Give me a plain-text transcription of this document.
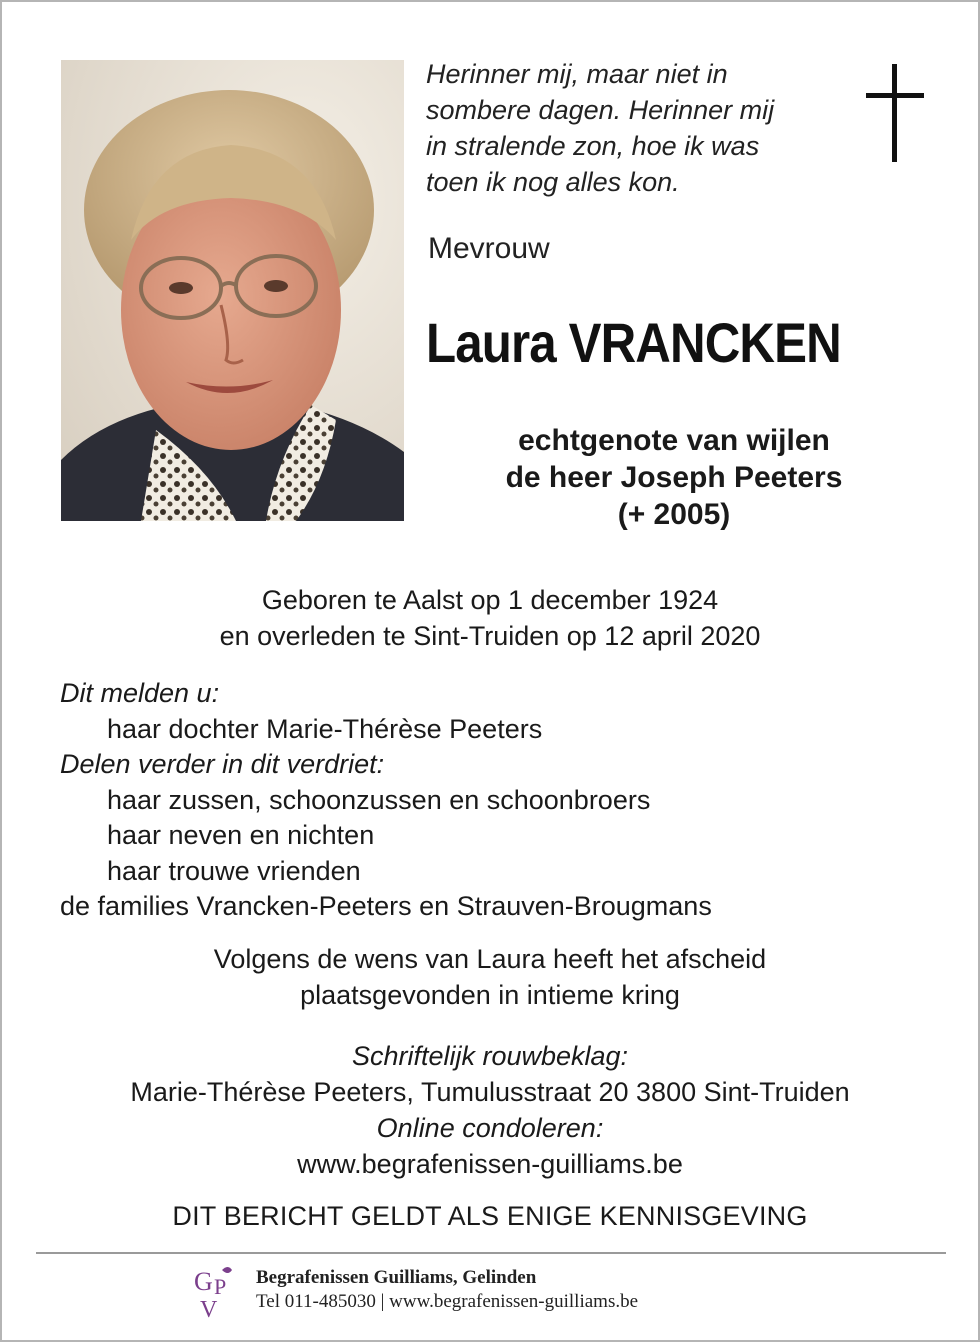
Herinner mij, maar niet in
sombere dagen. Herinner mij
in stralende zon, hoe ik was
toen ik nog alles kon.
Mevrouw
Laura VRANCKEN
echtgenote van wijlen
de heer Joseph Peeters
(+ 2005)
Geboren te Aalst op 1 december 1924
en overleden te Sint-Truiden op 12 april 2020
Dit melden u:
haar dochter Marie-Thérèse Peeters
Delen verder in dit verdriet:
haar zussen, schoonzussen en schoonbroers
haar neven en nichten
haar trouwe vrienden
de families Vrancken-Peeters en Strauven-Brougmans
Volgens de wens van Laura heeft het afscheid
plaatsgevonden in intieme kring
Schriftelijk rouwbeklag:
Marie-Thérèse Peeters, Tumulusstraat 20 3800 Sint-Truiden
Online condoleren:
www.begrafenissen-guilliams.be
DIT BERICHT GELDT ALS ENIGE KENNISGEVING
G P
V
Begrafenissen Guilliams, Gelinden
Tel 011-485030 | www.begrafenissen-guilliams.be
